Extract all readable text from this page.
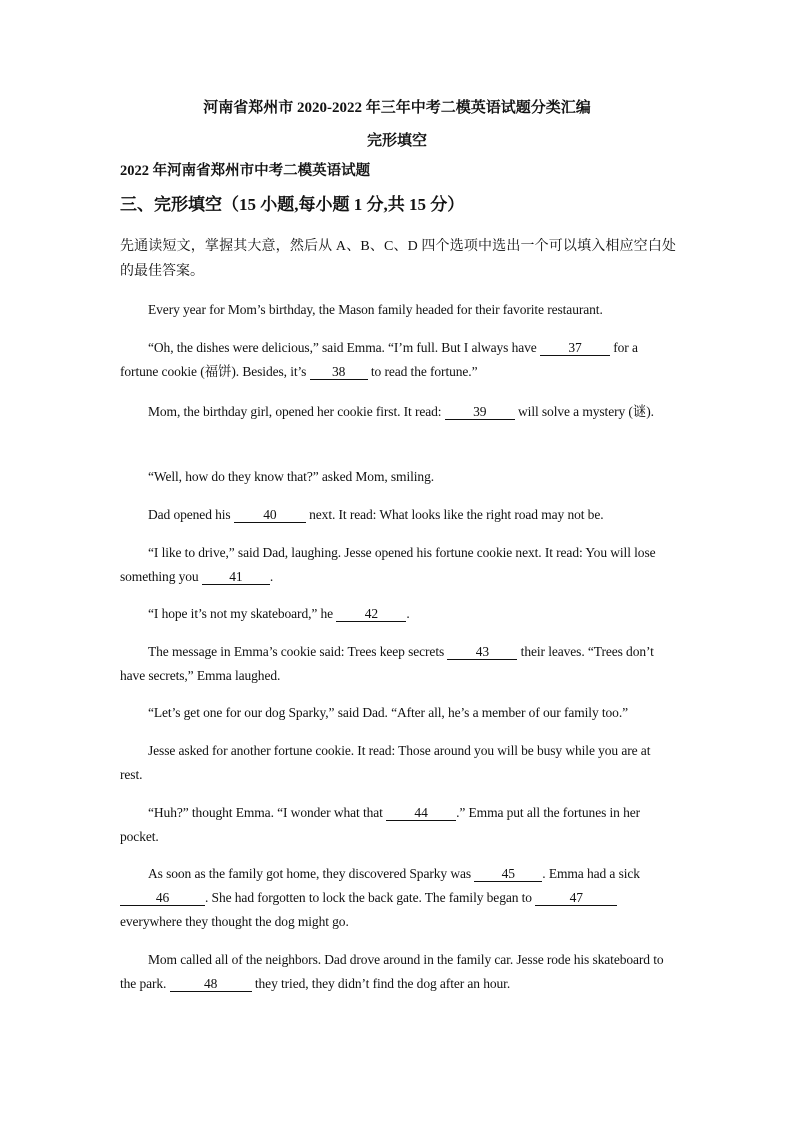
河南省郑州市 2020-2022 年三年中考二模英语试题分类汇编
完形填空
2022 年河南省郑州市中考二模英语试题
三、完形填空（15 小题,每小题 1 分,共 15 分）
先通读短文，掌握其大意，然后从 A、B、C、D 四个选项中选出一个可以填入相应空白处的最佳答案。
Every year for Mom’s birthday, the Mason family headed for their favorite restaurant.
“Oh, the dishes were delicious,” said Emma. “I’m full. But I always have 37 for a fortune cookie (福饼). Besides, it’s 38 to read the fortune.”
Mom, the birthday girl, opened her cookie first. It read: 39 will solve a mystery (谜).
“Well, how do they know that?” asked Mom, smiling.
Dad opened his 40 next. It read: What looks like the right road may not be.
“I like to drive,” said Dad, laughing. Jesse opened his fortune cookie next. It read: You will lose something you 41 .
“I hope it’s not my skateboard,” he 42 .
The message in Emma’s cookie said: Trees keep secrets 43 their leaves. “Trees don’t have secrets,” Emma laughed.
“Let’s get one for our dog Sparky,” said Dad. “After all, he’s a member of our family too.”
Jesse asked for another fortune cookie. It read: Those around you will be busy while you are at rest.
“Huh?” thought Emma. “I wonder what that 44 .” Emma put all the fortunes in her pocket.
As soon as the family got home, they discovered Sparky was 45 . Emma had a sick 46	. She had forgotten to lock the back gate. The family began to	47 everywhere they thought the dog might go.
Mom called all of the neighbors. Dad drove around in the family car. Jesse rode his skateboard to the park.	48	they tried, they didn’t find the dog after an hour.
